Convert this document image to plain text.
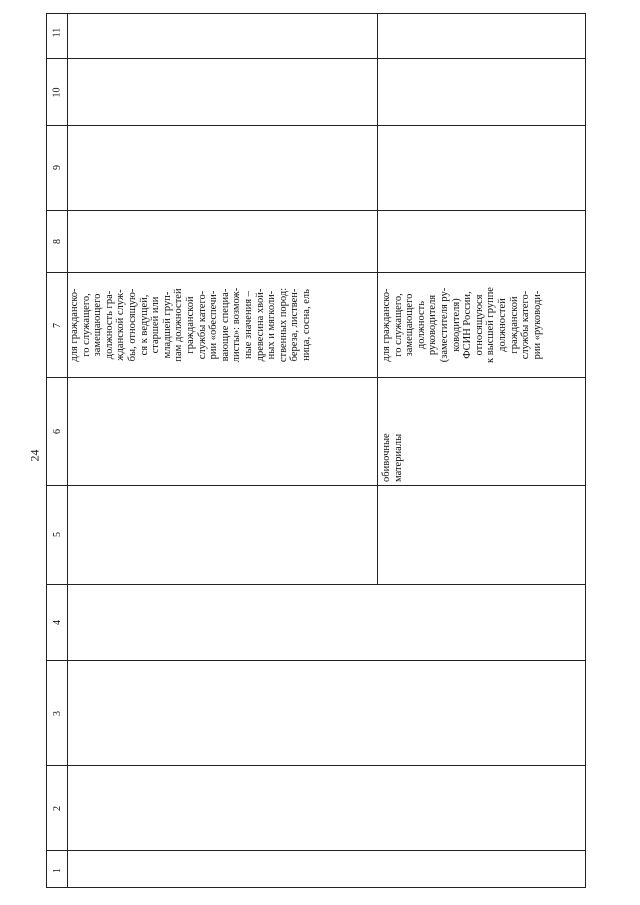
24
1
2
3
4
5
6
7
8
9
10
11

для гражданско- го служащего, замещающего должность гра- жданской служ- бы, относящую- ся к ведущей, старшей или младшей груп- пам должностей гражданской службы катего- рии «обеспечи- вающие специа- листы»: возмож- ные значения – древесина хвой- ных и мягколи- ственных пород: береза, листвен- ница, сосна, ель

обивочные материалы

для гражданско- го служащего, замещающего должность руководителя (заместителя ру- ководителя) ФСИН России, относящуюся к высшей группе должностей гражданской службы катего- рии «руководи-
